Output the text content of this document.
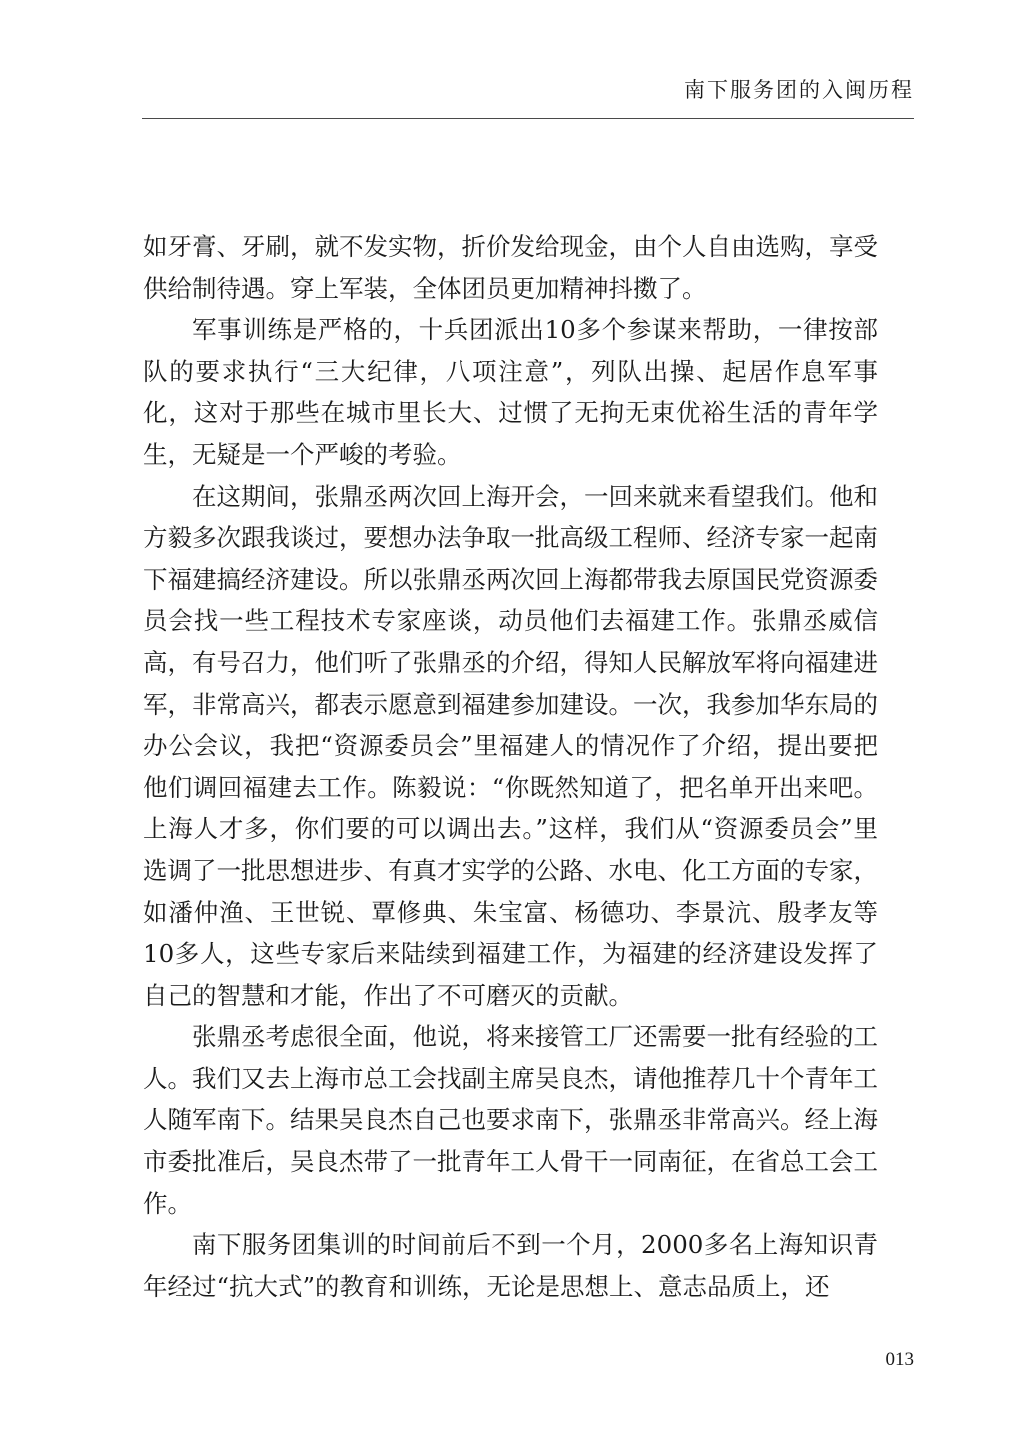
南下服务团的入闽历程

如牙膏、牙刷，就不发实物，折价发给现金，由个人自由选购，享受供给制待遇。穿上军装，全体团员更加精神抖擞了。

军事训练是严格的，十兵团派出10多个参谋来帮助，一律按部队的要求执行“三大纪律，八项注意”，列队出操、起居作息军事化，这对于那些在城市里长大、过惯了无拘无束优裕生活的青年学生，无疑是一个严峻的考验。

在这期间，张鼎丞两次回上海开会，一回来就来看望我们。他和方毅多次跟我谈过，要想办法争取一批高级工程师、经济专家一起南下福建搞经济建设。所以张鼎丞两次回上海都带我去原国民党资源委员会找一些工程技术专家座谈，动员他们去福建工作。张鼎丞威信高，有号召力，他们听了张鼎丞的介绍，得知人民解放军将向福建进军，非常高兴，都表示愿意到福建参加建设。一次，我参加华东局的办公会议，我把“资源委员会”里福建人的情况作了介绍，提出要把他们调回福建去工作。陈毅说：“你既然知道了，把名单开出来吧。上海人才多，你们要的可以调出去。”这样，我们从“资源委员会”里选调了一批思想进步、有真才实学的公路、水电、化工方面的专家，如潘仲渔、王世锐、覃修典、朱宝富、杨德功、李景沆、殷孝友等10多人，这些专家后来陆续到福建工作，为福建的经济建设发挥了自己的智慧和才能，作出了不可磨灭的贡献。

张鼎丞考虑很全面，他说，将来接管工厂还需要一批有经验的工人。我们又去上海市总工会找副主席吴良杰，请他推荐几十个青年工人随军南下。结果吴良杰自己也要求南下，张鼎丞非常高兴。经上海市委批准后，吴良杰带了一批青年工人骨干一同南征，在省总工会工作。

南下服务团集训的时间前后不到一个月，2000多名上海知识青年经过“抗大式”的教育和训练，无论是思想上、意志品质上，还

013
